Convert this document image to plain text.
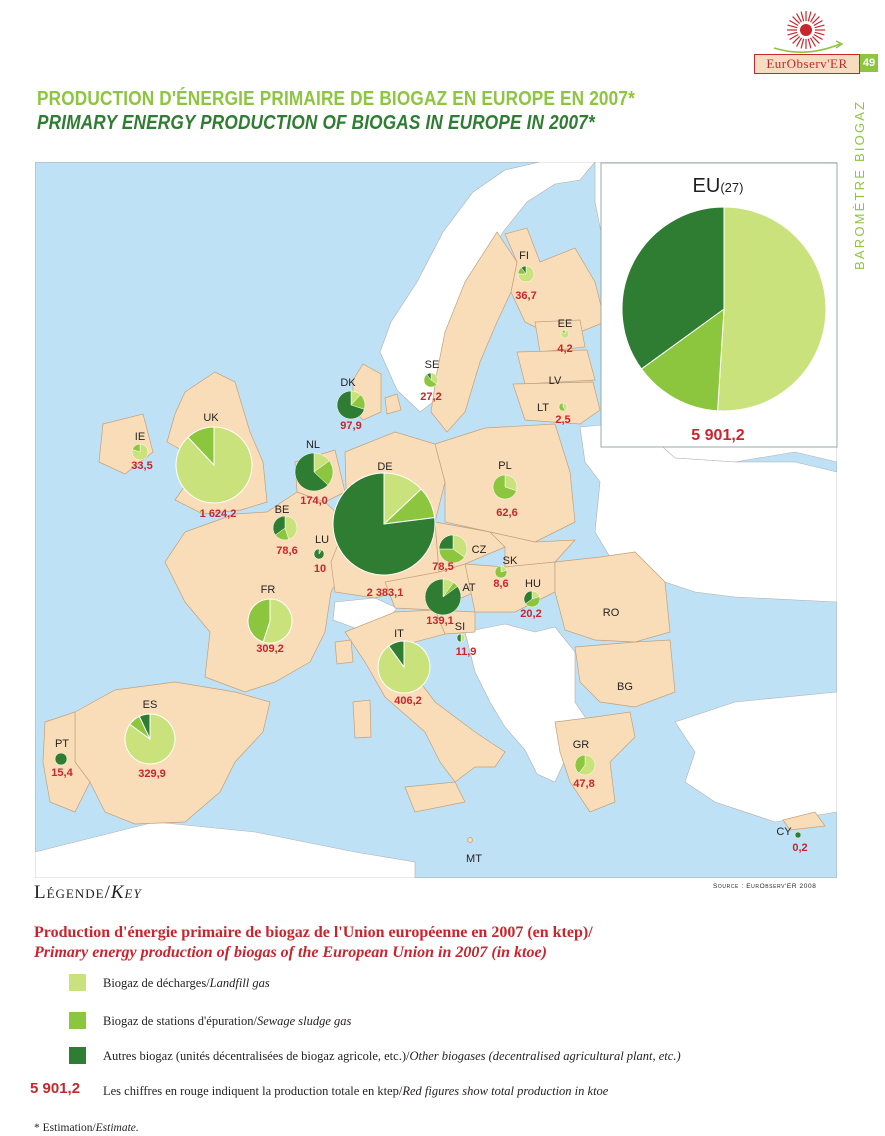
EurObserv'ER	49
BAROMÈTRE BIOGAZ
PRODUCTION D'ÉNERGIE PRIMAIRE DE BIOGAZ EN EUROPE EN 2007*
PRIMARY ENERGY PRODUCTION OF BIOGAS IN EUROPE IN 2007*
FI
36,7
EE
4,2
LV
LT
2,5
SE
27,2
DK
97,9
IE
33,5
UK
1 624,2
NL
174,0
BE
78,6
LU
10
DE
2 383,1
PL
62,6
CZ
78,5	SK
8,6
AT
139,1
HU
20,2
SI
11,9
RO
BG
FR
309,2
IT
406,2
ES
329,9
PT
15,4
GR
47,8
MT
CY
0,2
EU(27)
5 901,2
Légende/Key	Source : EurObserv'ER 2008
Production d'énergie primaire de biogaz de l'Union européenne en 2007 (en ktep)/
Primary energy production of biogas of the European Union in 2007 (in ktoe)
Biogaz de décharges/Landfill gas
Biogaz de stations d'épuration/Sewage sludge gas
Autres biogaz (unités décentralisées de biogaz agricole, etc.)/Other biogases (decentralised agricultural plant, etc.)
5 901,2 Les chiffres en rouge indiquent la production totale en ktep/Red figures show total production in ktoe
* Estimation/Estimate.
